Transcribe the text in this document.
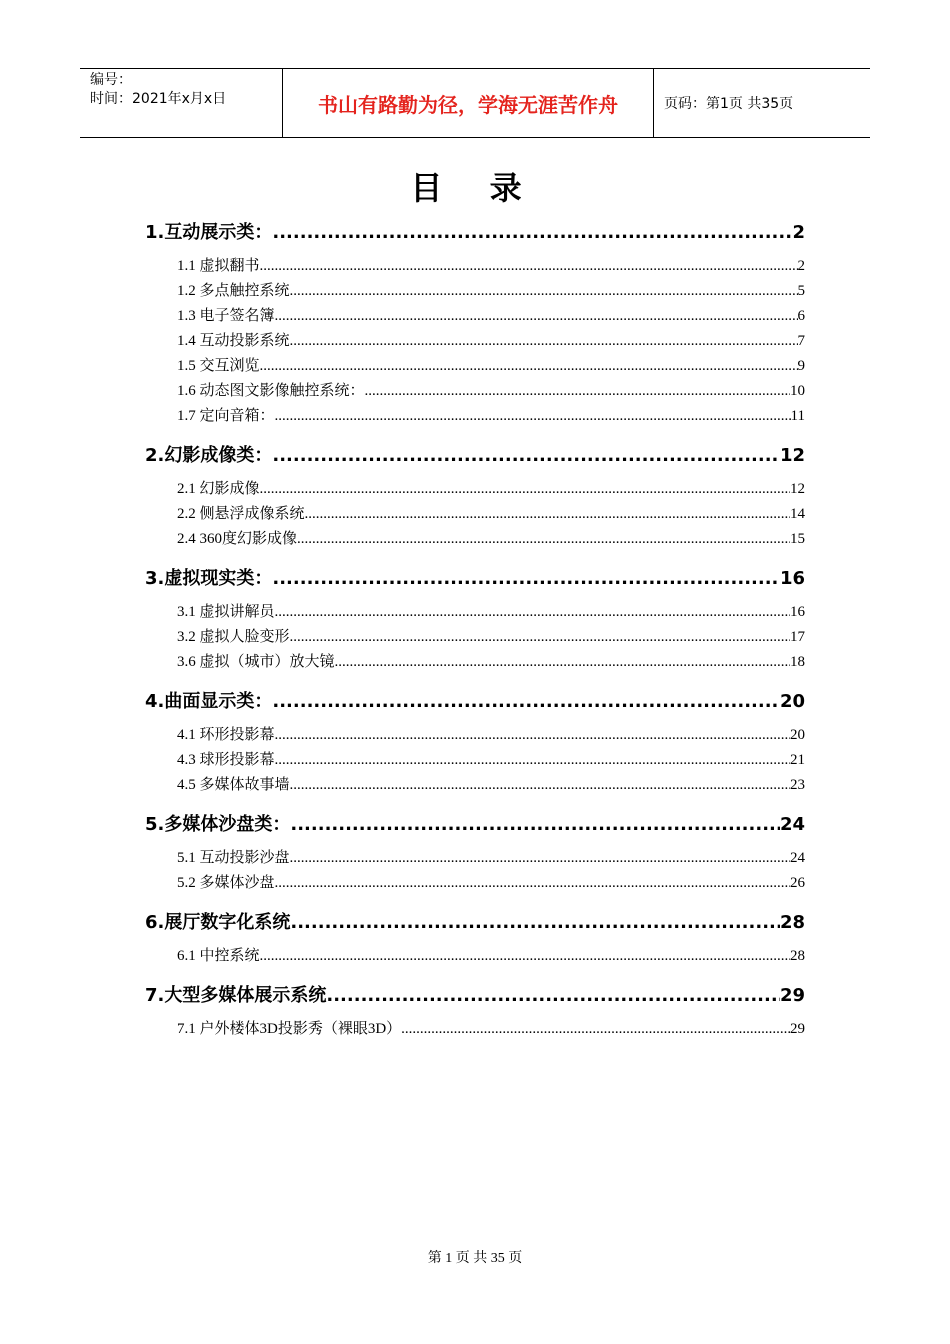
编号：
时间：2021年x月x日	书山有路勤为径，学海无涯苦作舟	页码：第1页 共35页
目 录
1.互动展示类： .....	2
1.1 虚拟翻书 .....	2
1.2 多点触控系统 .....	5
1.3 电子签名簿 .....	6
1.4 互动投影系统 .....	7
1.5 交互浏览 .....	9
1.6 动态图文影像触控系统： .....	10
1.7 定向音箱： .....	11
2.幻影成像类： .....	12
2.1 幻影成像 .....	12
2.2 侧悬浮成像系统 .....	14
2.4 360度幻影成像 .....	15
3.虚拟现实类： .....	16
3.1 虚拟讲解员 .....	16
3.2 虚拟人脸变形 .....	17
3.6 虚拟（城市）放大镜 .....	18
4.曲面显示类： .....	20
4.1 环形投影幕 .....	20
4.3 球形投影幕 .....	21
4.5 多媒体故事墙 .....	23
5.多媒体沙盘类： .....	24
5.1 互动投影沙盘 .....	24
5.2 多媒体沙盘 .....	26
6.展厅数字化系统 .....	28
6.1 中控系统 .....	28
7.大型多媒体展示系统 .....	29
7.1 户外楼体3D投影秀（裸眼3D） .....	29
第 1 页 共 35 页
